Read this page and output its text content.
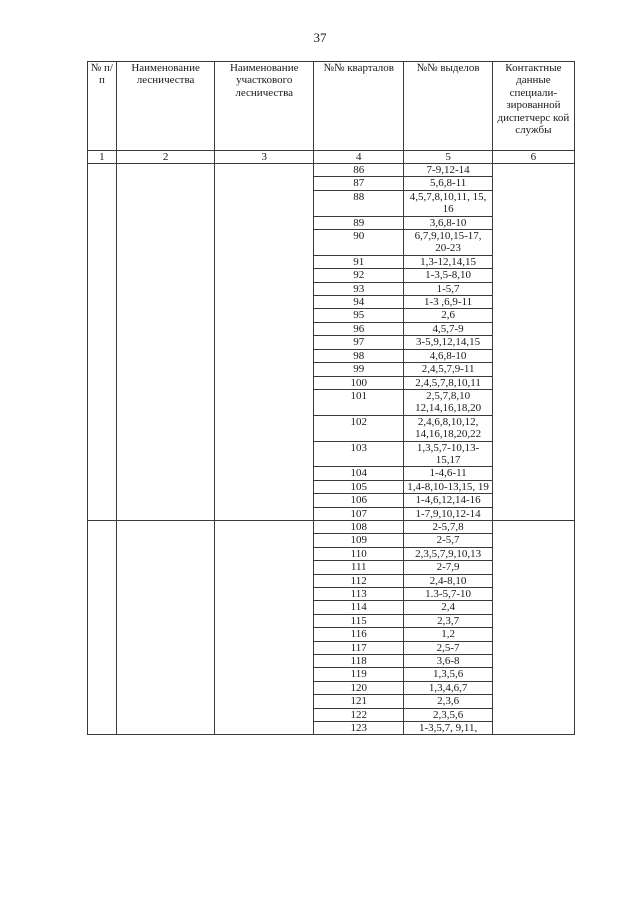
37
№ п/п	Наименование лесничества	Наименование участкового лесничества	№№ кварталов	№№ выделов	Контактные данные специали-зированной диспетчерс кой службы
1	2	3	4	5	6
			86	7-9,12-14	
			87	5,6,8-11	
			88	4,5,7,8,10,11, 15, 16	
			89	3,6,8-10	
			90	6,7,9,10,15-17, 20-23	
			91	1,3-12,14,15	
			92	1-3,5-8,10	
			93	1-5,7	
			94	1-3 ,6,9-11	
			95	2,6	
			96	4,5,7-9	
			97	3-5,9,12,14,15	
			98	4,6,8-10	
			99	2,4,5,7,9-11	
			100	2,4,5,7,8,10,11	
			101	2,5,7,8,10 12,14,16,18,20	
			102	2,4,6,8,10,12, 14,16,18,20,22	
			103	1,3,5,7-10,13- 15,17	
			104	1-4,6-11	
			105	1,4-8,10-13,15, 19	
			106	1-4,6,12,14-16	
			107	1-7,9,10,12-14	
			108	2-5,7,8	
			109	2-5,7	
			110	2,3,5,7,9,10,13	
			111	2-7,9	
			112	2,4-8,10	
			113	1.3-5,7-10	
			114	2,4	
			115	2,3,7	
			116	1,2	
			117	2,5-7	
			118	3,6-8	
			119	1,3,5,6	
			120	1,3,4,6,7	
			121	2,3,6	
			122	2,3,5,6	
			123	1-3,5,7, 9,11,	
